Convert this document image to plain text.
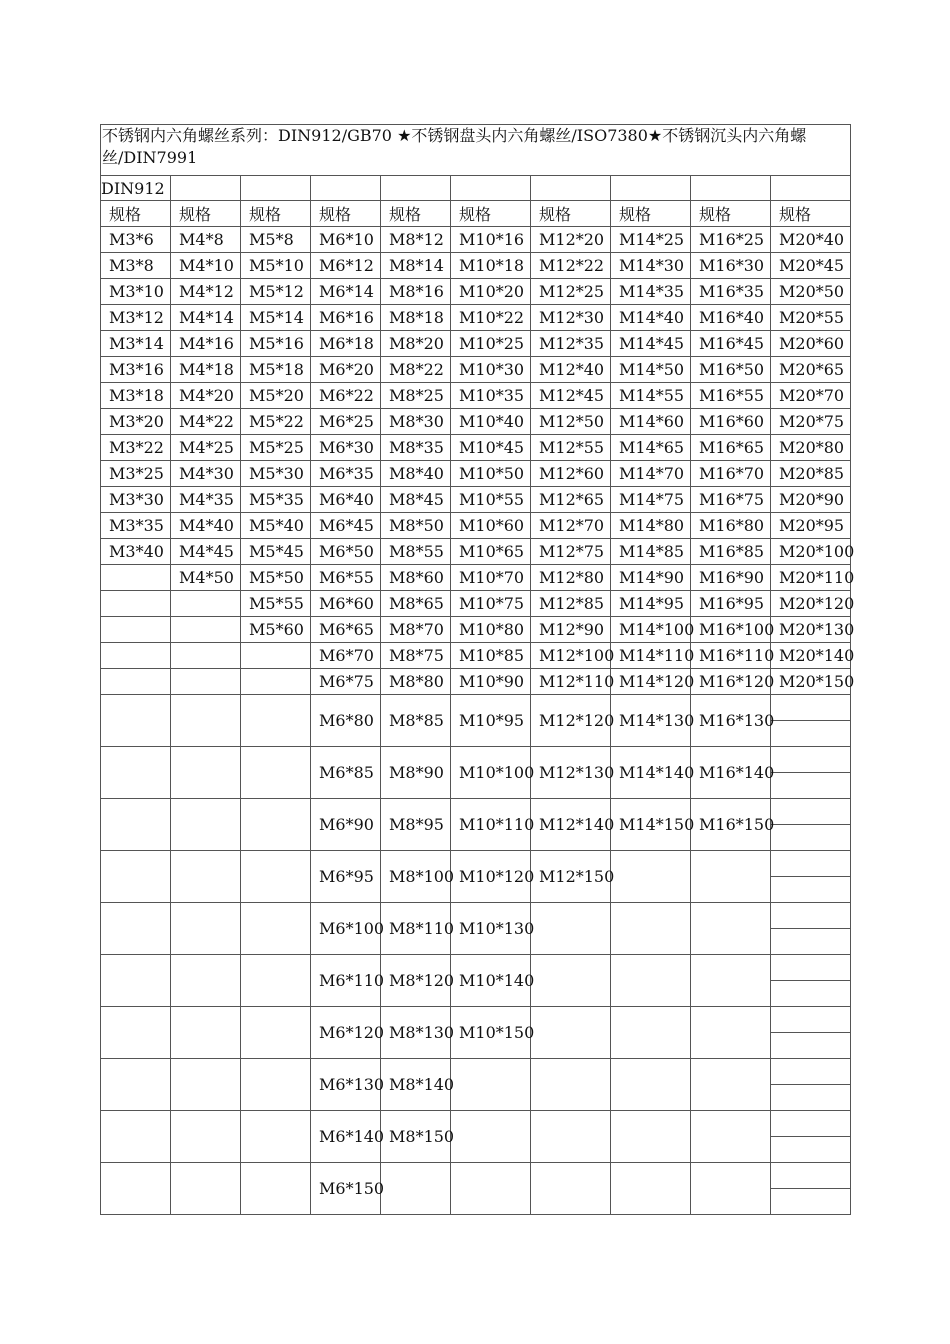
不锈钢内六角螺丝系列：DIN912/GB70 ★不锈钢盘头内六角螺丝/ISO7380★不锈钢沉头内六角螺丝/DIN7991									
DIN912									
规格	规格	规格	规格	规格	规格	规格	规格	规格	规格
M3*6	M4*8	M5*8	M6*10	M8*12	M10*16	M12*20	M14*25	M16*25	M20*40
M3*8	M4*10	M5*10	M6*12	M8*14	M10*18	M12*22	M14*30	M16*30	M20*45
M3*10	M4*12	M5*12	M6*14	M8*16	M10*20	M12*25	M14*35	M16*35	M20*50
M3*12	M4*14	M5*14	M6*16	M8*18	M10*22	M12*30	M14*40	M16*40	M20*55
M3*14	M4*16	M5*16	M6*18	M8*20	M10*25	M12*35	M14*45	M16*45	M20*60
M3*16	M4*18	M5*18	M6*20	M8*22	M10*30	M12*40	M14*50	M16*50	M20*65
M3*18	M4*20	M5*20	M6*22	M8*25	M10*35	M12*45	M14*55	M16*55	M20*70
M3*20	M4*22	M5*22	M6*25	M8*30	M10*40	M12*50	M14*60	M16*60	M20*75
M3*22	M4*25	M5*25	M6*30	M8*35	M10*45	M12*55	M14*65	M16*65	M20*80
M3*25	M4*30	M5*30	M6*35	M8*40	M10*50	M12*60	M14*70	M16*70	M20*85
M3*30	M4*35	M5*35	M6*40	M8*45	M10*55	M12*65	M14*75	M16*75	M20*90
M3*35	M4*40	M5*40	M6*45	M8*50	M10*60	M12*70	M14*80	M16*80	M20*95
M3*40	M4*45	M5*45	M6*50	M8*55	M10*65	M12*75	M14*85	M16*85	M20*100
	M4*50	M5*50	M6*55	M8*60	M10*70	M12*80	M14*90	M16*90	M20*110
		M5*55	M6*60	M8*65	M10*75	M12*85	M14*95	M16*95	M20*120
		M5*60	M6*65	M8*70	M10*80	M12*90	M14*100	M16*100	M20*130
			M6*70	M8*75	M10*85	M12*100	M14*110	M16*110	M20*140
			M6*75	M8*80	M10*90	M12*110	M14*120	M16*120	M20*150
			M6*80	M8*85	M10*95	M12*120	M14*130	M16*130	

			M6*85	M8*90	M10*100	M12*130	M14*140	M16*140	

			M6*90	M8*95	M10*110	M12*140	M14*150	M16*150	

			M6*95	M8*100	M10*120	M12*150			

			M6*100	M8*110	M10*130				

			M6*110	M8*120	M10*140				

			M6*120	M8*130	M10*150				

			M6*130	M8*140					

			M6*140	M8*150					

			M6*150						
